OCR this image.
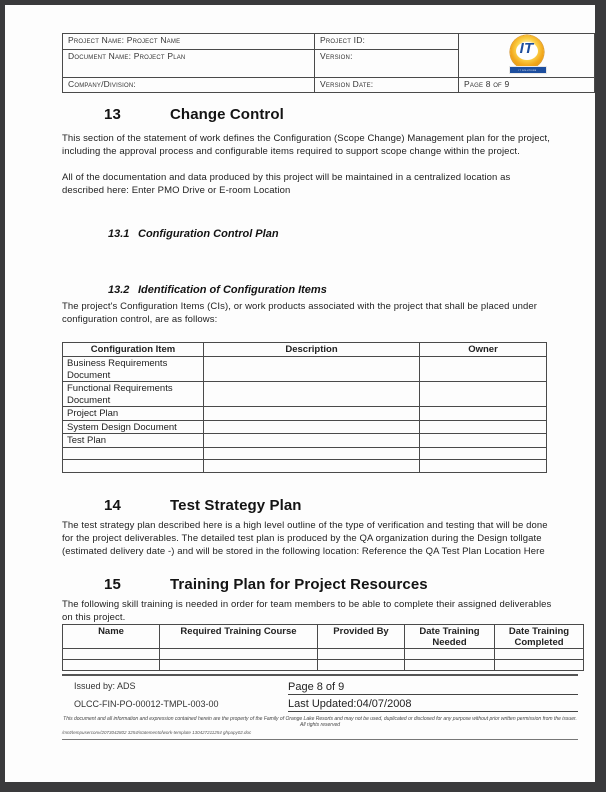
Project Name: Project Name	Project ID:	IT
it solutions

Document Name: Project Plan	Version:	
Company/Division:	Version Date:	Page 8 of 9
13	Change Control
This section of the statement of work defines the Configuration (Scope Change) Management plan for the project, including the approval process and configurable items required to support scope change within the project.
All of the documentation and data produced by this project will be maintained in a centralized location as described here: Enter PMO Drive or E-room Location
13.1 Configuration Control Plan
13.2 Identification of Configuration Items
The project's Configuration Items (CIs), or work products associated with the project that shall be placed under configuration control, are as follows:
Configuration Item	Description	Owner
Business Requirements Document		
Functional Requirements Document		
Project Plan		
System Design Document		
Test Plan		

14	Test Strategy Plan
The test strategy plan described here is a high level outline of the type of verification and testing that will be done for the project deliverables. The detailed test plan is produced by the QA organization during the Design tollgate (estimated delivery date -) and will be stored in the following location: Reference the QA Test Plan Location Here
15	Training Plan for Project Resources
The following skill training is needed in order for team members to be able to complete their assigned deliverables on this project.
Name	Required Training Course	Provided By	Date Training Needed	Date Training Completed

Issued by: ADS
OLCC-FIN-PO-00012-TMPL-003-00
Page 8 of 9
Last Updated:04/07/2008
This document and all information and expression contained herein are the property of the Family of Orange Lake Resorts and may not be used, duplicated or disclosed for any purpose without prior written permission from the issuer. All rights reserved
/mnt/tempuserconv/2073042802 3254/statementofwork-template 130427211254 ghpapy02.doc
